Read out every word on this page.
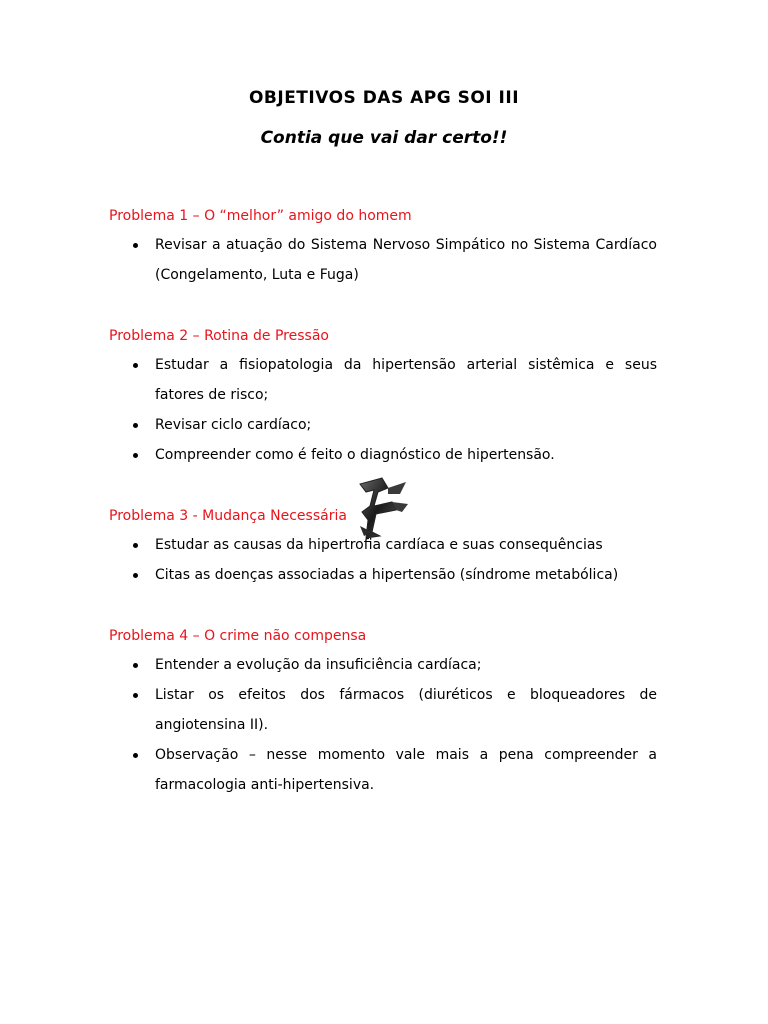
OBJETIVOS DAS APG SOI III
Contia que vai dar certo!!
Problema 1 – O “melhor” amigo do homem
Revisar a atuação do Sistema Nervoso Simpático no Sistema Cardíaco (Congelamento, Luta e Fuga)
Problema 2 – Rotina de Pressão
Estudar a fisiopatologia da hipertensão arterial sistêmica e seus fatores de risco;
Revisar ciclo cardíaco;
Compreender como é feito o diagnóstico de hipertensão.
Problema 3 - Mudança Necessária
Estudar as causas da hipertrofia cardíaca e suas consequências
Citas as doenças associadas a hipertensão (síndrome metabólica)
Problema 4 – O crime não compensa
Entender a evolução da insuficiência cardíaca;
Listar os efeitos dos fármacos (diuréticos e bloqueadores de angiotensina II).
Observação – nesse momento vale mais a pena compreender a farmacologia anti-hipertensiva.
